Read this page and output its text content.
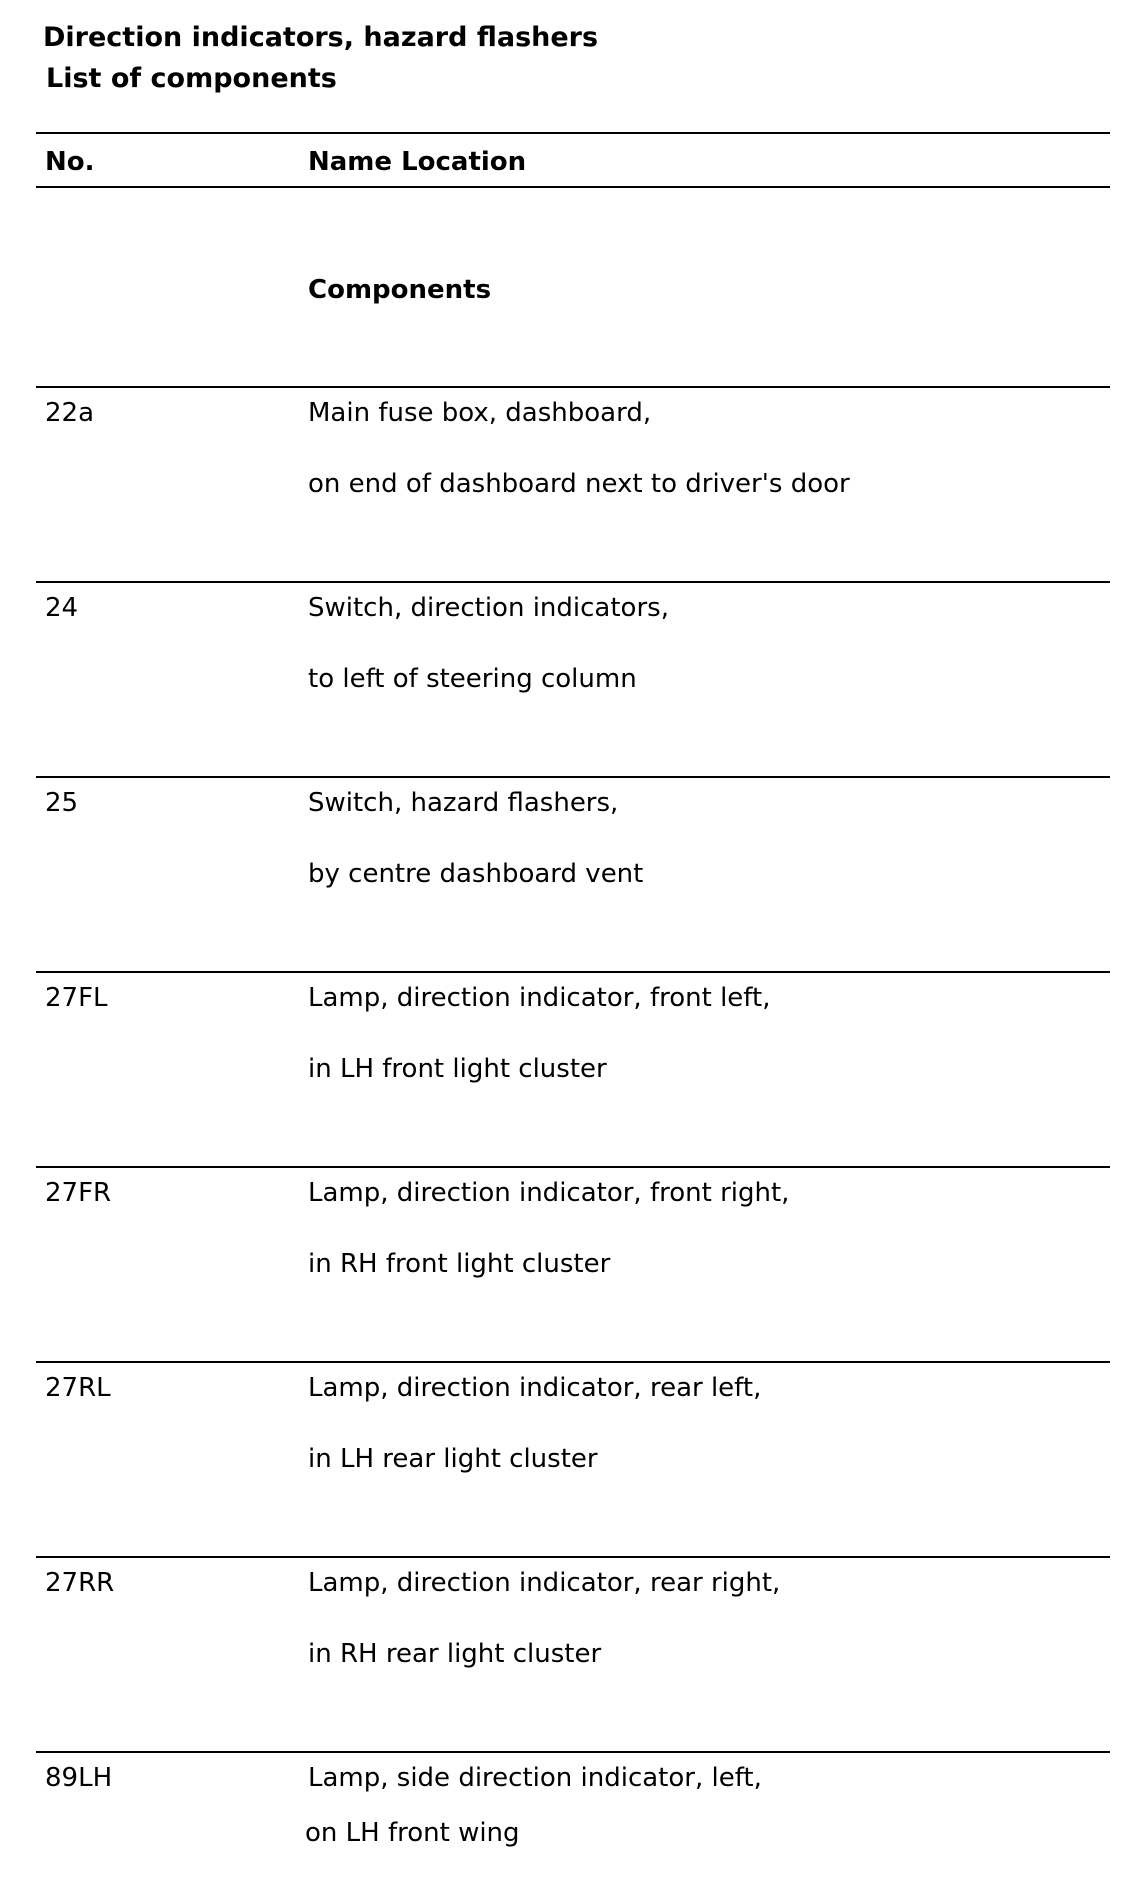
Direction indicators, hazard flashers
List of components
No.	Name Location
Components
22a	Main fuse box, dashboard,
on end of dashboard next to driver's door
24	Switch, direction indicators,
to left of steering column
25	Switch, hazard flashers,
by centre dashboard vent
27FL	Lamp, direction indicator, front left,
in LH front light cluster
27FR	Lamp, direction indicator, front right,
in RH front light cluster
27RL	Lamp, direction indicator, rear left,
in LH rear light cluster
27RR	Lamp, direction indicator, rear right,
in RH rear light cluster
89LH	Lamp, side direction indicator, left,
on LH front wing
